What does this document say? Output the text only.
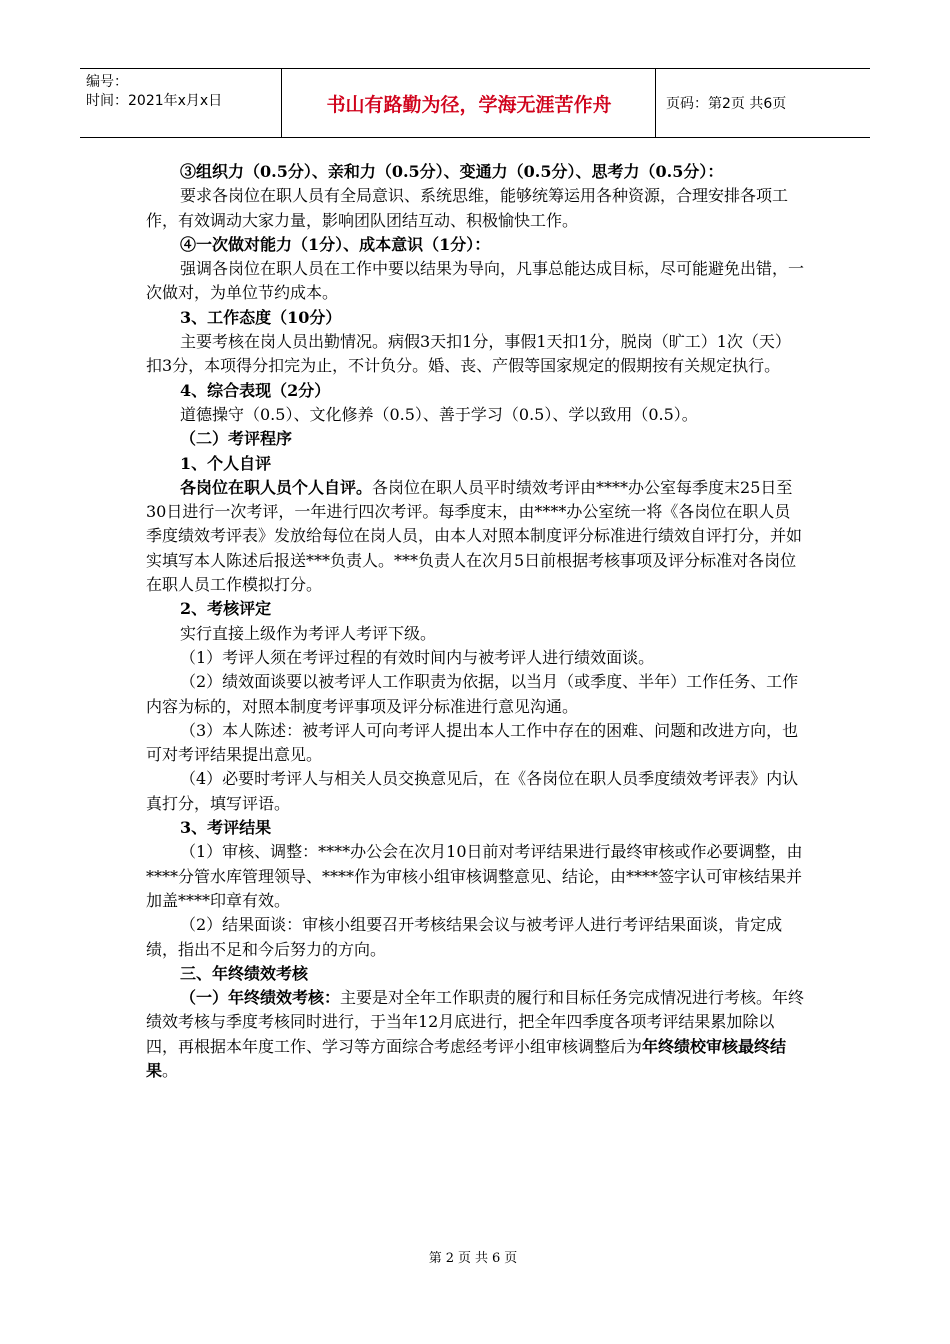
编号：
时间：2021年x月x日	书山有路勤为径，学海无涯苦作舟	页码：第2页 共6页

③组织力（0.5分）、亲和力（0.5分）、变通力（0.5分）、思考力（0.5分）：

要求各岗位在职人员有全局意识、系统思维，能够统筹运用各种资源，合理安排各项工作，有效调动大家力量，影响团队团结互动、积极愉快工作。

④一次做对能力（1分）、成本意识（1分）：

强调各岗位在职人员在工作中要以结果为导向，凡事总能达成目标，尽可能避免出错，一次做对，为单位节约成本。

3、工作态度（10分）

主要考核在岗人员出勤情况。病假3天扣1分，事假1天扣1分，脱岗（旷工）1次（天）扣3分，本项得分扣完为止，不计负分。婚、丧、产假等国家规定的假期按有关规定执行。

4、综合表现（2分）

道德操守（0.5）、文化修养（0.5）、善于学习（0.5）、学以致用（0.5）。

（二）考评程序

1、个人自评

各岗位在职人员个人自评。各岗位在职人员平时绩效考评由****办公室每季度末25日至30日进行一次考评，一年进行四次考评。每季度末，由****办公室统一将《各岗位在职人员季度绩效考评表》发放给每位在岗人员，由本人对照本制度评分标准进行绩效自评打分，并如实填写本人陈述后报送***负责人。***负责人在次月5日前根据考核事项及评分标准对各岗位在职人员工作模拟打分。

2、考核评定

实行直接上级作为考评人考评下级。

（1）考评人须在考评过程的有效时间内与被考评人进行绩效面谈。

（2）绩效面谈要以被考评人工作职责为依据，以当月（或季度、半年）工作任务、工作内容为标的，对照本制度考评事项及评分标准进行意见沟通。

（3）本人陈述：被考评人可向考评人提出本人工作中存在的困难、问题和改进方向，也可对考评结果提出意见。

（4）必要时考评人与相关人员交换意见后，在《各岗位在职人员季度绩效考评表》内认真打分，填写评语。

3、考评结果

（1）审核、调整：****办公会在次月10日前对考评结果进行最终审核或作必要调整，由****分管水库管理领导、****作为审核小组审核调整意见、结论，由****签字认可审核结果并加盖****印章有效。

（2）结果面谈：审核小组要召开考核结果会议与被考评人进行考评结果面谈，肯定成绩，指出不足和今后努力的方向。

三、年终绩效考核

（一）年终绩效考核：主要是对全年工作职责的履行和目标任务完成情况进行考核。年终绩效考核与季度考核同时进行，于当年12月底进行，把全年四季度各项考评结果累加除以四，再根据本年度工作、学习等方面综合考虑经考评小组审核调整后为年终绩校审核最终结果。

第2页共6页
